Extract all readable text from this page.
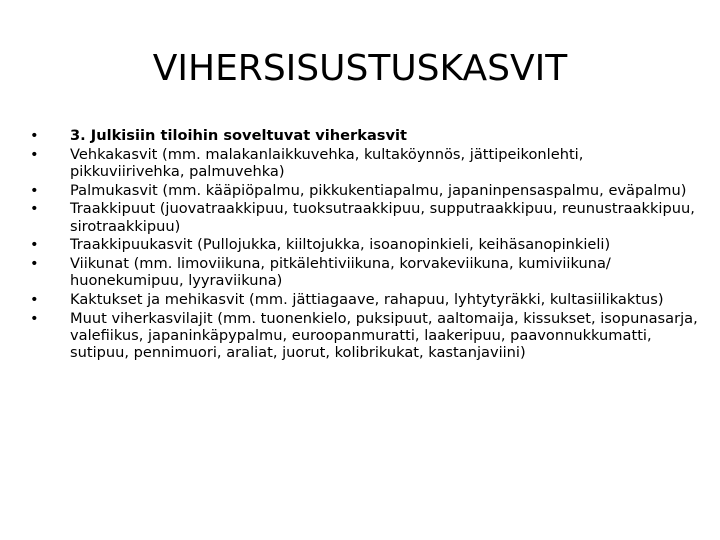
VIHERSISUSTUSKASVIT
•	3. Julkisiin tiloihin soveltuvat viherkasvit
•	Vehkakasvit (mm. malakanlaikkuvehka, kultaköynnös, jättipeikonlehti, pikkuviirivehka, palmuvehka)
•	Palmukasvit (mm. kääpiöpalmu, pikkukentiapalmu, japaninpensaspalmu, eväpalmu)
•	Traakkipuut (juovatraakkipuu, tuoksutraakkipuu, supputraakkipuu, reunustraakkipuu, sirotraakkipuu)
•	Traakkipuukasvit (Pullojukka, kiiltojukka, isoanopinkieli, keihäsanopinkieli)
•	Viikunat (mm. limoviikuna, pitkälehtiviikuna, korvakeviikuna, kumiviikuna/ huonekumipuu, lyyraviikuna)
•	Kaktukset ja mehikasvit (mm. jättiagaave, rahapuu, lyhtytyräkki, kultasiilikaktus)
•	Muut viherkasvilajit (mm. tuonenkielo, puksipuut, aaltomaija, kissukset, isopunasarja, valefiikus, japaninkäpypalmu, euroopanmuratti, laakeripuu, paavonnukkumatti, sutipuu, pennimuori, araliat, juorut, kolibrikukat, kastanjaviini)
